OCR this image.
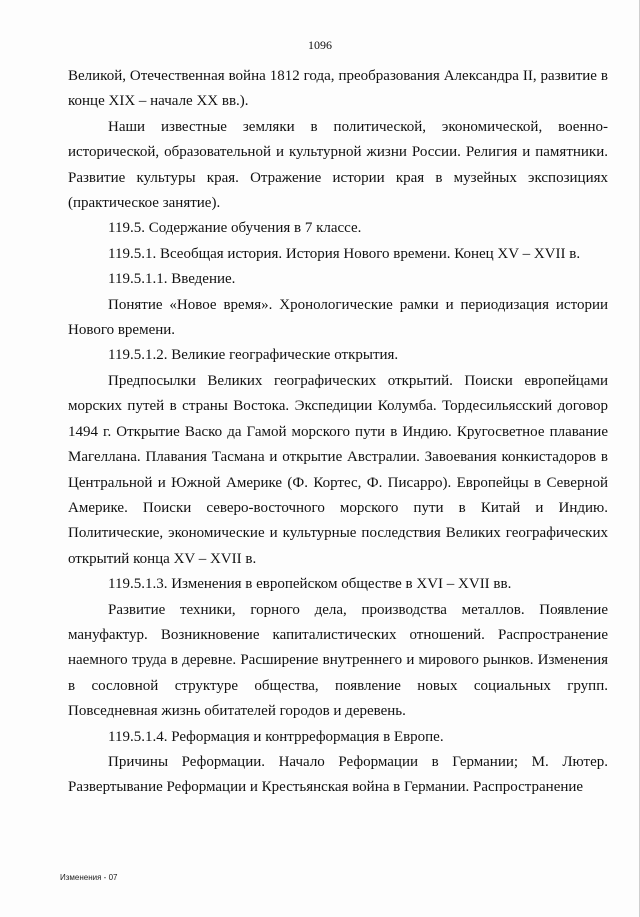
1096

Великой, Отечественная война 1812 года, преобразования Александра II, развитие в конце XIX – начале XX вв.).

Наши известные земляки в политической, экономической, военно-исторической, образовательной и культурной жизни России. Религия и памятники. Развитие культуры края. Отражение истории края в музейных экспозициях (практическое занятие).

119.5. Содержание обучения в 7 классе.

119.5.1. Всеобщая история. История Нового времени. Конец XV – XVII в.

119.5.1.1. Введение.

Понятие «Новое время». Хронологические рамки и периодизация истории Нового времени.

119.5.1.2. Великие географические открытия.

Предпосылки Великих географических открытий. Поиски европейцами морских путей в страны Востока. Экспедиции Колумба. Тордесильясский договор 1494 г. Открытие Васко да Гамой морского пути в Индию. Кругосветное плавание Магеллана. Плавания Тасмана и открытие Австралии. Завоевания конкистадоров в Центральной и Южной Америке (Ф. Кортес, Ф. Писарро). Европейцы в Северной Америке. Поиски северо-восточного морского пути в Китай и Индию. Политические, экономические и культурные последствия Великих географических открытий конца XV – XVII в.

119.5.1.3. Изменения в европейском обществе в XVI – XVII вв.

Развитие техники, горного дела, производства металлов. Появление мануфактур. Возникновение капиталистических отношений. Распространение наемного труда в деревне. Расширение внутреннего и мирового рынков. Изменения в сословной структуре общества, появление новых социальных групп. Повседневная жизнь обитателей городов и деревень.

119.5.1.4. Реформация и контрреформация в Европе.

Причины Реформации. Начало Реформации в Германии; М. Лютер. Развертывание Реформации и Крестьянская война в Германии. Распространение

Изменения - 07
